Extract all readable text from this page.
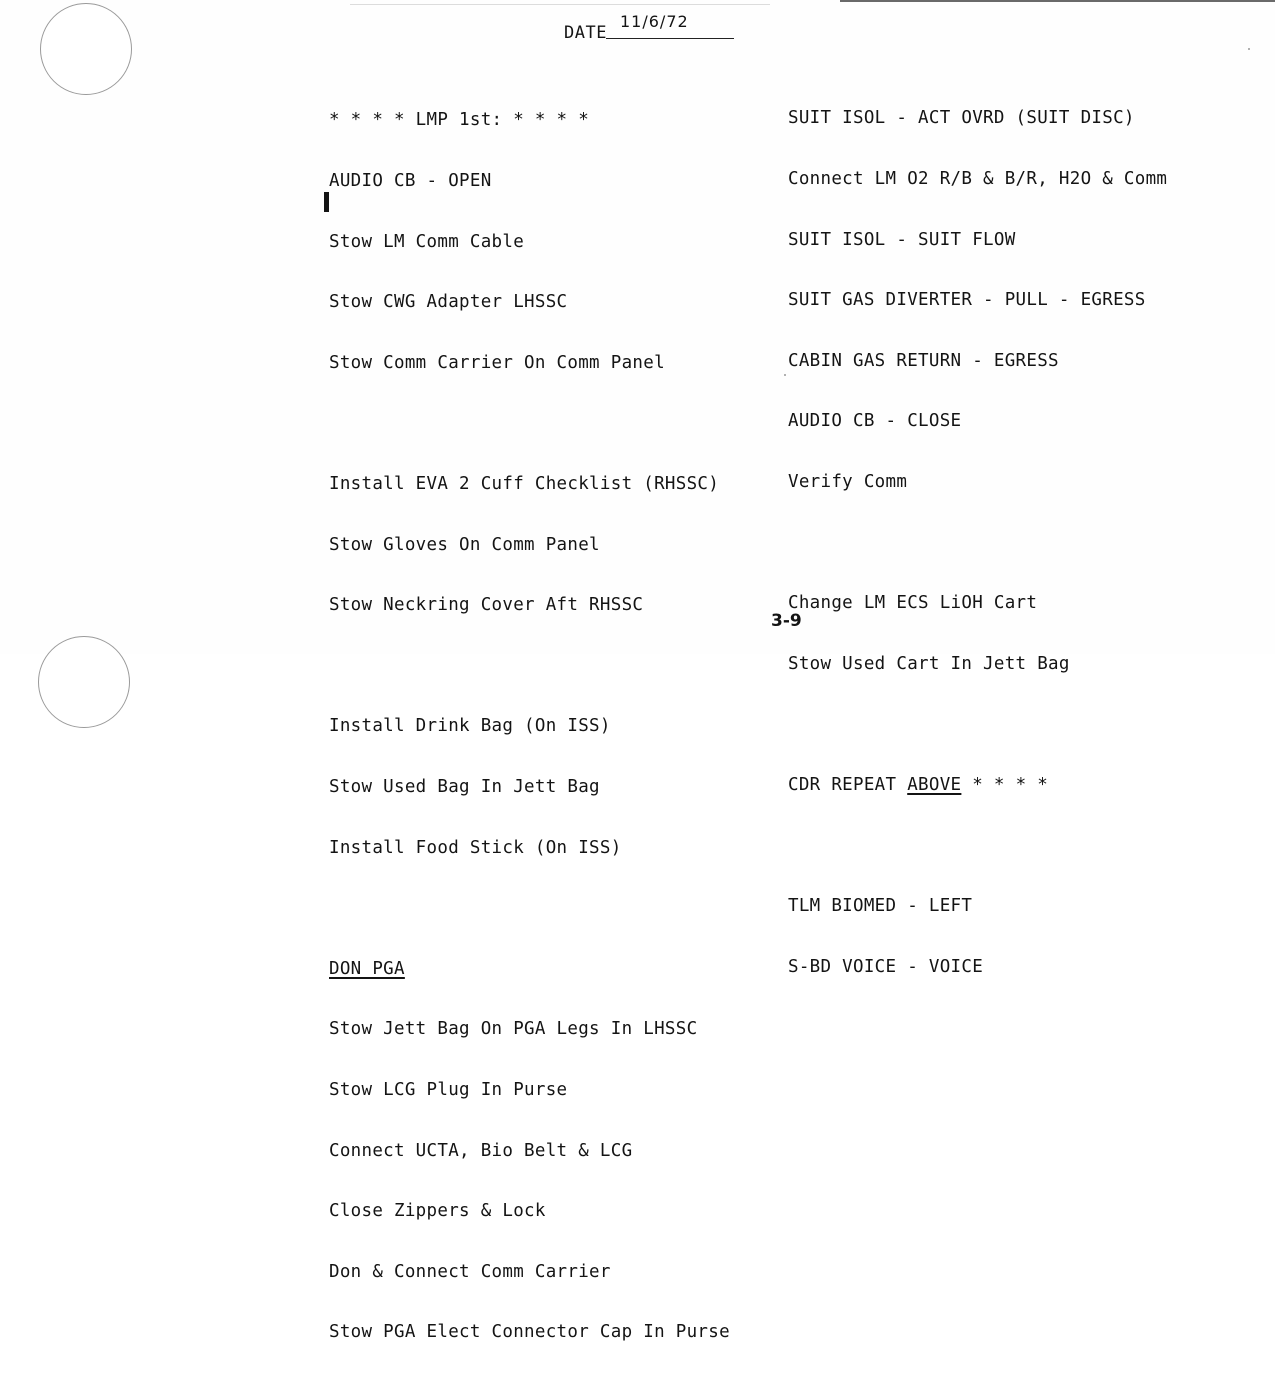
DATE
11/6/72

* * * * LMP 1st: * * * *

AUDIO CB - OPEN

Stow LM Comm Cable

Stow CWG Adapter LHSSC

Stow Comm Carrier On Comm Panel

Install EVA 2 Cuff Checklist (RHSSC)

Stow Gloves On Comm Panel

Stow Neckring Cover Aft RHSSC

Install Drink Bag (On ISS)

Stow Used Bag In Jett Bag

Install Food Stick (On ISS)

DON PGA

Stow Jett Bag On PGA Legs In LHSSC

Stow LCG Plug In Purse

Connect UCTA, Bio Belt & LCG

Close Zippers & Lock

Don & Connect Comm Carrier

Stow PGA Elect Connector Cap In Purse

SUIT ISOL - ACT OVRD (SUIT DISC)

Connect LM O2 R/B & B/R, H2O & Comm

SUIT ISOL - SUIT FLOW

SUIT GAS DIVERTER - PULL - EGRESS

CABIN GAS RETURN - EGRESS

AUDIO CB - CLOSE

Verify Comm

Change LM ECS LiOH Cart

Stow Used Cart In Jett Bag

CDR REPEAT ABOVE * * * *

TLM BIOMED - LEFT

S-BD VOICE - VOICE

3-9
